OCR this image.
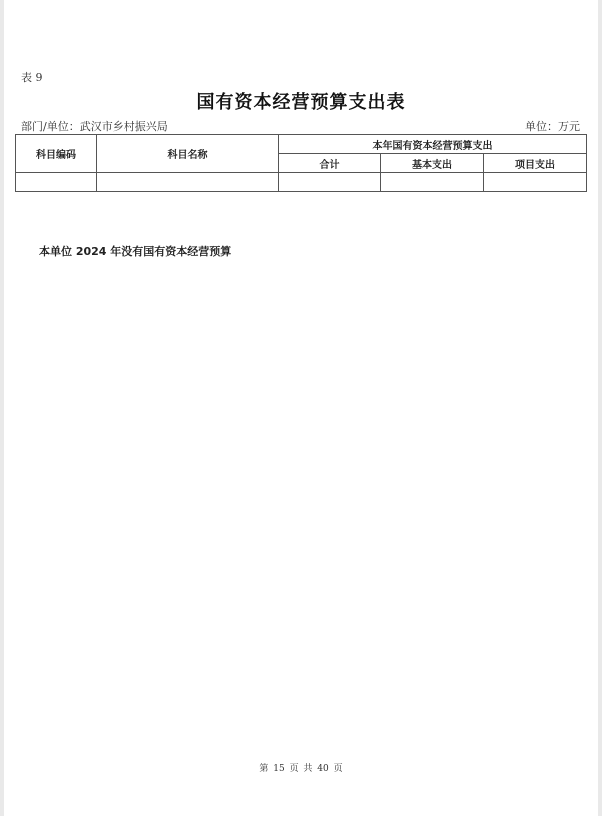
表 9
国有资本经营预算支出表
部门/单位：武汉市乡村振兴局	单位：万元
科目编码	科目名称	本年国有资本经营预算支出		
		合计	基本支出	项目支出

本单位 2024 年没有国有资本经营预算
第 15 页 共 40 页
